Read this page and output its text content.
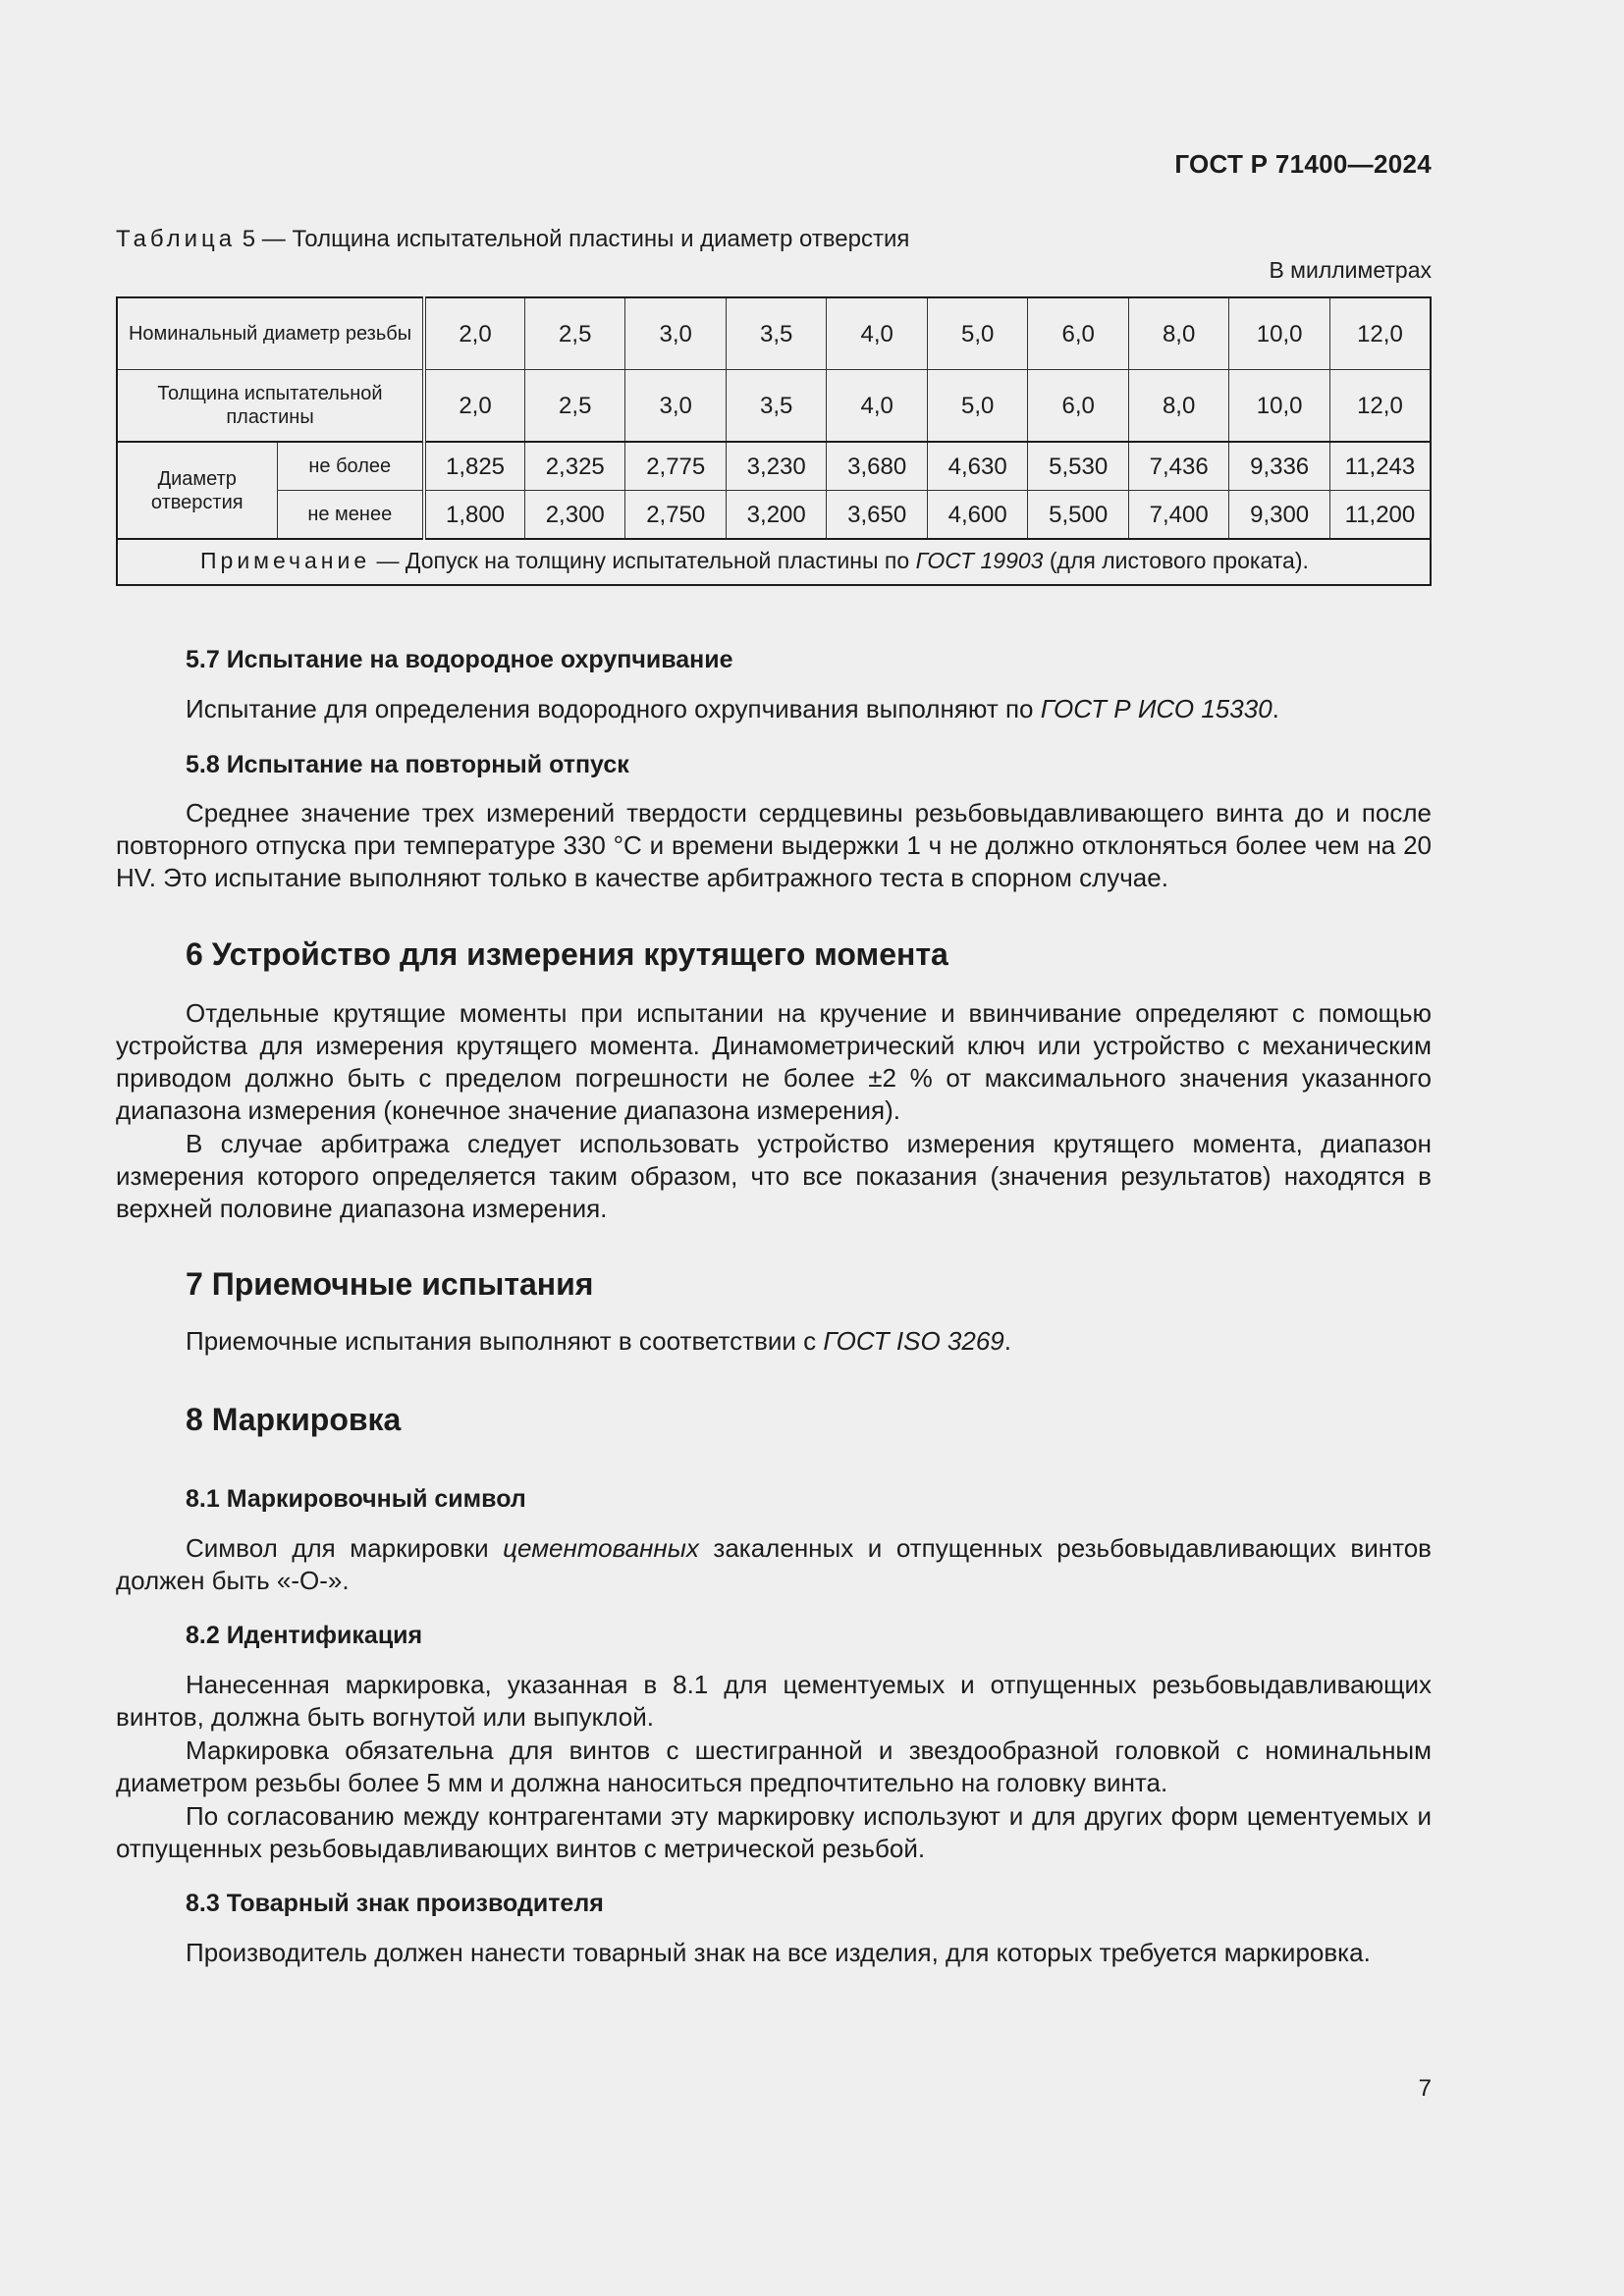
ГОСТ Р 71400—2024
Таблица 5 — Толщина испытательной пластины и диаметр отверстия
В миллиметрах
Номинальный диаметр резьбы		2,0	2,5	3,0	3,5	4,0	5,0	6,0	8,0	10,0	12,0
Толщина испытательной пластины		2,0	2,5	3,0	3,5	4,0	5,0	6,0	8,0	10,0	12,0
Диаметр отверстия	не более	1,825	2,325	2,775	3,230	3,680	4,630	5,530	7,436	9,336	11,243
	не менее	1,800	2,300	2,750	3,200	3,650	4,600	5,500	7,400	9,300	11,200
Примечание — Допуск на толщину испытательной пластины по ГОСТ 19903 (для листового проката).											
5.7 Испытание на водородное охрупчивание
Испытание для определения водородного охрупчивания выполняют по ГОСТ Р ИСО 15330.
5.8 Испытание на повторный отпуск
Среднее значение трех измерений твердости сердцевины резьбовыдавливающего винта до и после повторного отпуска при температуре 330 °С и времени выдержки 1 ч не должно отклоняться более чем на 20 HV. Это испытание выполняют только в качестве арбитражного теста в спорном случае.
6 Устройство для измерения крутящего момента
Отдельные крутящие моменты при испытании на кручение и ввинчивание определяют с помощью устройства для измерения крутящего момента. Динамометрический ключ или устройство с механическим приводом должно быть с пределом погрешности не более ±2 % от максимального значения указанного диапазона измерения (конечное значение диапазона измерения).
В случае арбитража следует использовать устройство измерения крутящего момента, диапазон измерения которого определяется таким образом, что все показания (значения результатов) находятся в верхней половине диапазона измерения.
7 Приемочные испытания
Приемочные испытания выполняют в соответствии с ГОСТ ISO 3269.
8 Маркировка
8.1 Маркировочный символ
Символ для маркировки цементованных закаленных и отпущенных резьбовыдавливающих винтов должен быть «-О-».
8.2 Идентификация
Нанесенная маркировка, указанная в 8.1 для цементуемых и отпущенных резьбовыдавливающих винтов, должна быть вогнутой или выпуклой.
Маркировка обязательна для винтов с шестигранной и звездообразной головкой с номинальным диаметром резьбы более 5 мм и должна наноситься предпочтительно на головку винта.
По согласованию между контрагентами эту маркировку используют и для других форм цементуемых и отпущенных резьбовыдавливающих винтов с метрической резьбой.
8.3 Товарный знак производителя
Производитель должен нанести товарный знак на все изделия, для которых требуется маркировка.
7
